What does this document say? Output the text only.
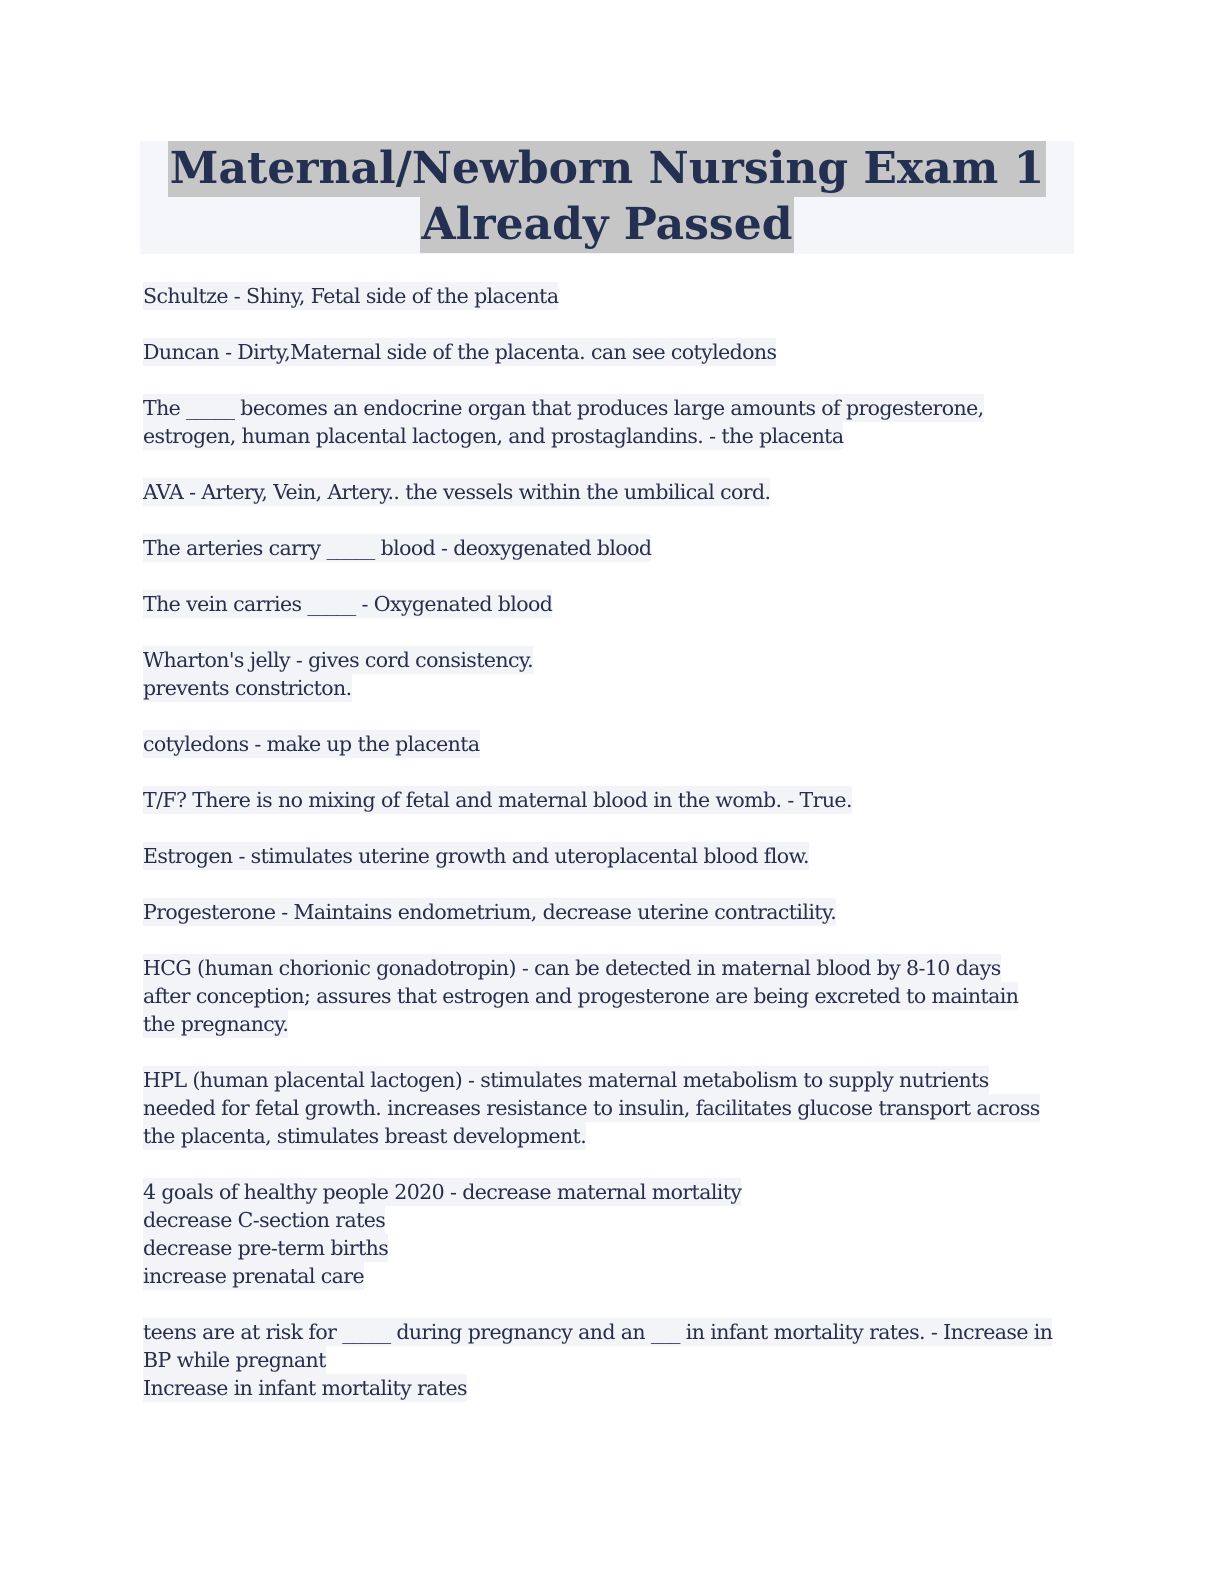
Maternal/Newborn Nursing Exam 1
Already Passed
Schultze - Shiny, Fetal side of the placenta
Duncan - Dirty,Maternal side of the placenta. can see cotyledons
The _____ becomes an endocrine organ that produces large amounts of progesterone,
estrogen, human placental lactogen, and prostaglandins. - the placenta
AVA - Artery, Vein, Artery.. the vessels within the umbilical cord.
The arteries carry _____ blood - deoxygenated blood
The vein carries _____ - Oxygenated blood
Wharton's jelly - gives cord consistency.
prevents constricton.
cotyledons - make up the placenta
T/F? There is no mixing of fetal and maternal blood in the womb. - True.
Estrogen - stimulates uterine growth and uteroplacental blood flow.
Progesterone - Maintains endometrium, decrease uterine contractility.
HCG (human chorionic gonadotropin) - can be detected in maternal blood by 8-10 days
after conception; assures that estrogen and progesterone are being excreted to maintain
the pregnancy.
HPL (human placental lactogen) - stimulates maternal metabolism to supply nutrients
needed for fetal growth. increases resistance to insulin, facilitates glucose transport across
the placenta, stimulates breast development.
4 goals of healthy people 2020 - decrease maternal mortality
decrease C-section rates
decrease pre-term births
increase prenatal care
teens are at risk for _____ during pregnancy and an ___ in infant mortality rates. - Increase in
BP while pregnant
Increase in infant mortality rates
